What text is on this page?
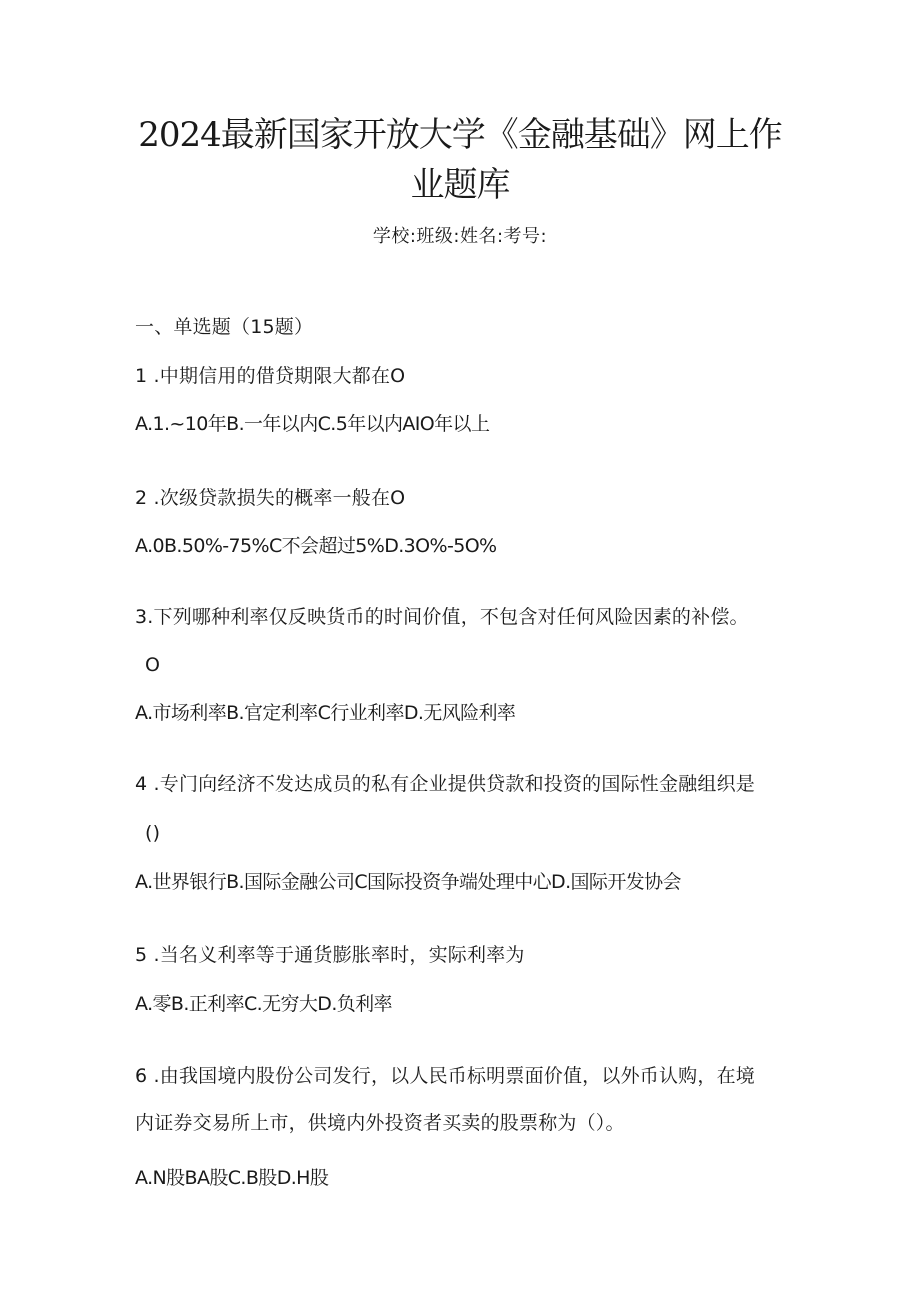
2024最新国家开放大学《金融基础》网上作
业题库
学校:班级:姓名:考号:
一、单选题（15题）
1 .中期信用的借贷期限大都在O
A.1.~10年B.一年以内C.5年以内AIO年以上
2 .次级贷款损失的概率一般在O
A.0B.50%-75%C不会超过5%D.3O%-5O%
3.下列哪种利率仅反映货币的时间价值，不包含对任何风险因素的补偿。
O
A.市场利率B.官定利率C行业利率D.无风险利率
4 .专门向经济不发达成员的私有企业提供贷款和投资的国际性金融组织是
()
A.世界银行B.国际金融公司C国际投资争端处理中心D.国际开发协会
5 .当名义利率等于通货膨胀率时，实际利率为
A.零B.正利率C.无穷大D.负利率
6 .由我国境内股份公司发行，以人民币标明票面价值，以外币认购，在境
内证券交易所上市，供境内外投资者买卖的股票称为（）。
A.N股BA股C.B股D.H股
